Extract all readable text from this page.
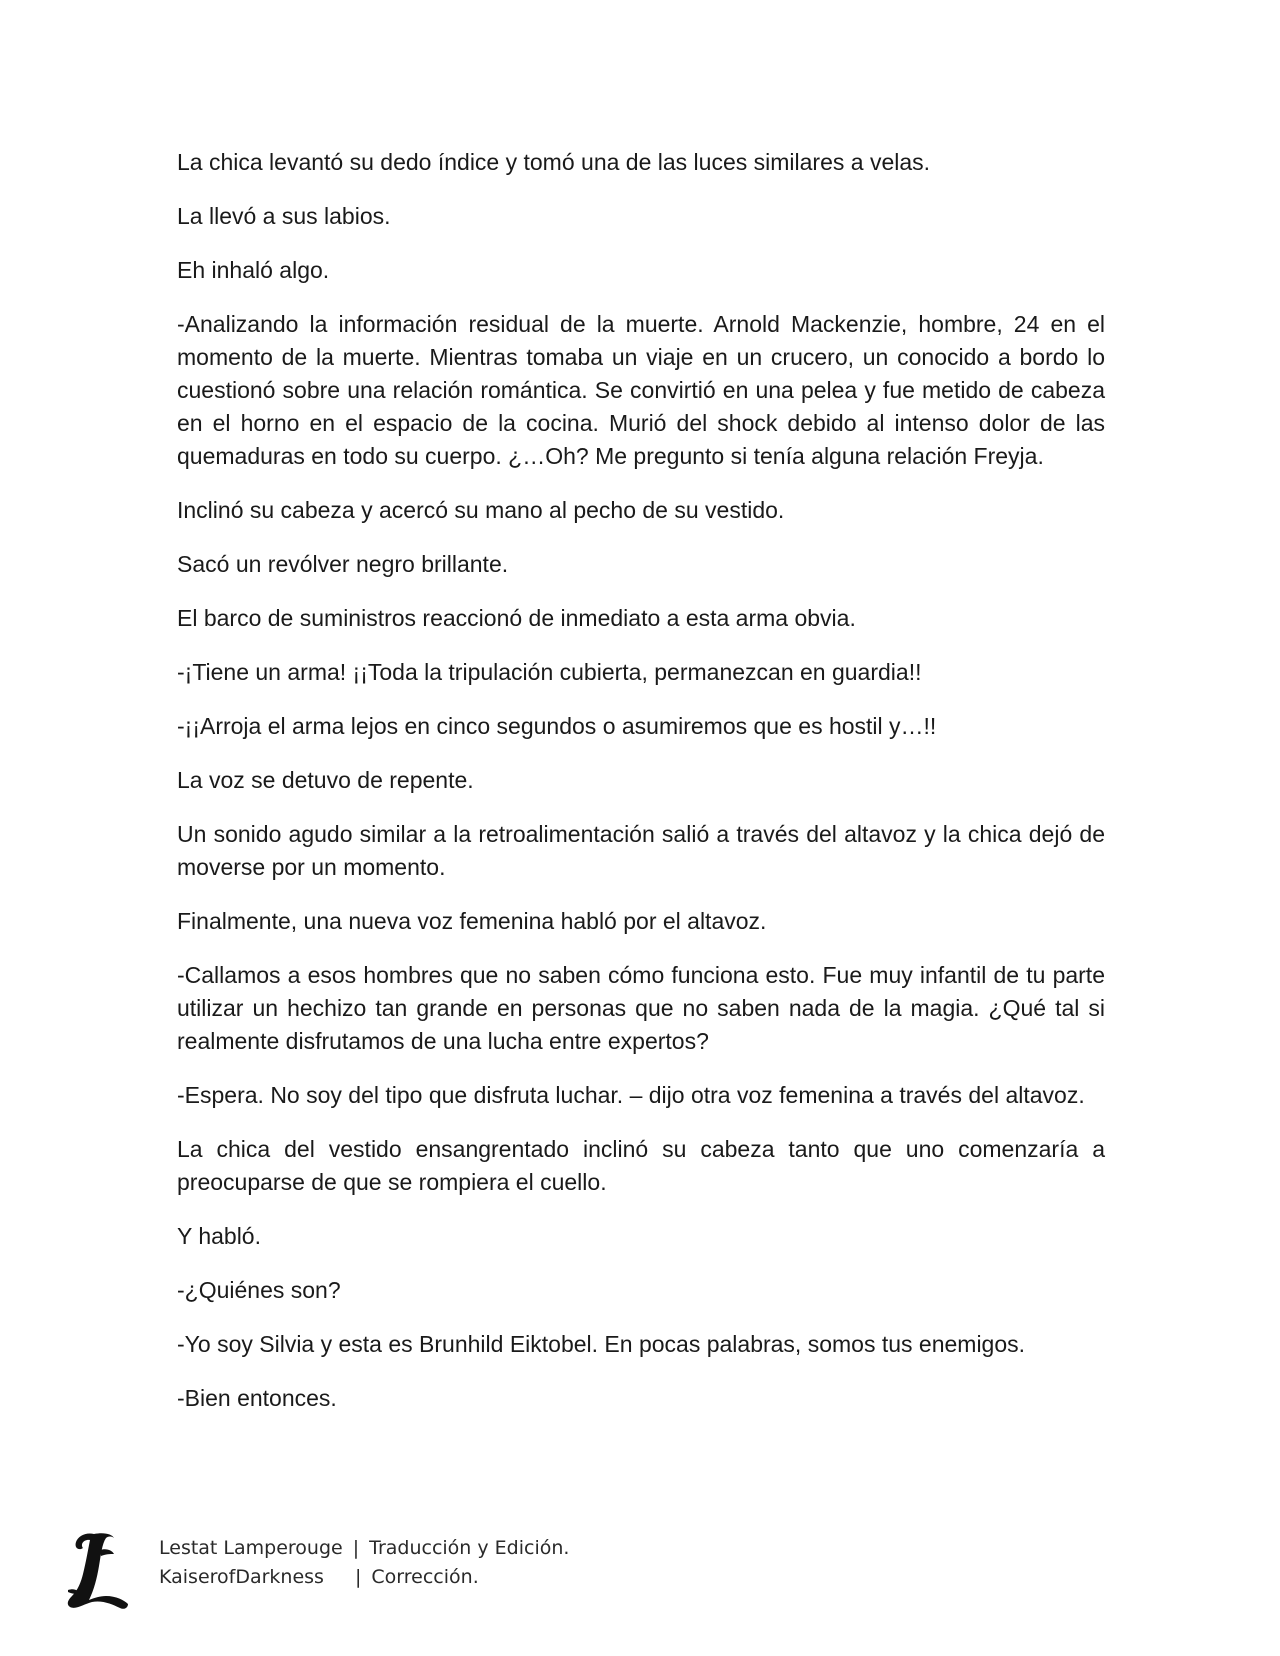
La chica levantó su dedo índice y tomó una de las luces similares a velas.

La llevó a sus labios.

Eh inhaló algo.

-Analizando la información residual de la muerte. Arnold Mackenzie, hombre, 24 en el momento de la muerte. Mientras tomaba un viaje en un crucero, un conocido a bordo lo cuestionó sobre una relación romántica. Se convirtió en una pelea y fue metido de cabeza en el horno en el espacio de la cocina. Murió del shock debido al intenso dolor de las quemaduras en todo su cuerpo. ¿…Oh? Me pregunto si tenía alguna relación Freyja.

Inclinó su cabeza y acercó su mano al pecho de su vestido.

Sacó un revólver negro brillante.

El barco de suministros reaccionó de inmediato a esta arma obvia.

-¡Tiene un arma! ¡¡Toda la tripulación cubierta, permanezcan en guardia!!

-¡¡Arroja el arma lejos en cinco segundos o asumiremos que es hostil y…!!

La voz se detuvo de repente.

Un sonido agudo similar a la retroalimentación salió a través del altavoz y la chica dejó de moverse por un momento.

Finalmente, una nueva voz femenina habló por el altavoz.

-Callamos a esos hombres que no saben cómo funciona esto. Fue muy infantil de tu parte utilizar un hechizo tan grande en personas que no saben nada de la magia. ¿Qué tal si realmente disfrutamos de una lucha entre expertos?

-Espera. No soy del tipo que disfruta luchar. – dijo otra voz femenina a través del altavoz.

La chica del vestido ensangrentado inclinó su cabeza tanto que uno comenzaría a preocuparse de que se rompiera el cuello.

Y habló.

-¿Quiénes son?

-Yo soy Silvia y esta es Brunhild Eiktobel. En pocas palabras, somos tus enemigos.

-Bien entonces.

Lestat Lamperouge | Traducción y Edición.
KaiserofDarkness | Corrección.
